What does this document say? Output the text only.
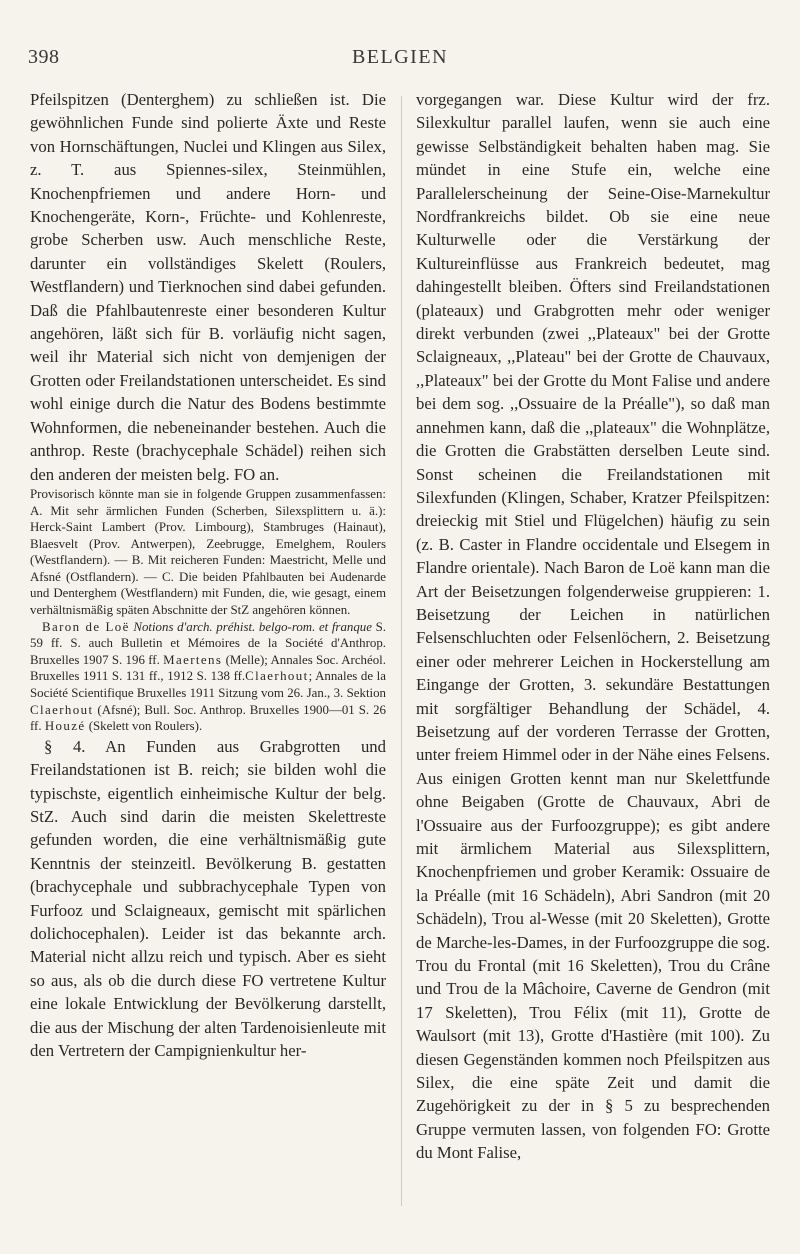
398	BELGIEN

Pfeilspitzen (Denterghem) zu schließen ist. Die gewöhnlichen Funde sind polierte Äxte und Reste von Hornschäftungen, Nuclei und Klingen aus Silex, z. T. aus Spiennes-silex, Steinmühlen, Knochenpfriemen und andere Horn- und Knochengeräte, Korn-, Früchte- und Kohlenreste, grobe Scherben usw. Auch menschliche Reste, darunter ein vollständiges Skelett (Roulers, Westflandern) und Tierknochen sind dabei gefunden. Daß die Pfahlbautenreste einer besonderen Kultur angehören, läßt sich für B. vorläufig nicht sagen, weil ihr Material sich nicht von demjenigen der Grotten oder Freilandstationen unterscheidet. Es sind wohl einige durch die Natur des Bodens bestimmte Wohnformen, die nebeneinander bestehen. Auch die anthrop. Reste (brachycephale Schädel) reihen sich den anderen der meisten belg. FO an.

Provisorisch könnte man sie in folgende Gruppen zusammenfassen: A. Mit sehr ärmlichen Funden (Scherben, Silexsplittern u. ä.): Herck-Saint Lambert (Prov. Limbourg), Stambruges (Hainaut), Blaesvelt (Prov. Antwerpen), Zeebrugge, Emelghem, Roulers (Westflandern). — B. Mit reicheren Funden: Maestricht, Melle und Afsné (Ostflandern). — C. Die beiden Pfahlbauten bei Audenarde und Denterghem (Westflandern) mit Funden, die, wie gesagt, einem verhältnismäßig späten Abschnitte der StZ angehören können.

Baron de Loë Notions d'arch. préhist. belgo-rom. et franque S. 59 ff. S. auch Bulletin et Mémoires de la Société d'Anthrop. Bruxelles 1907 S. 196 ff. Maertens (Melle); Annales Soc. Archéol. Bruxelles 1911 S. 131 ff., 1912 S. 138 ff.Claerhout; Annales de la Société Scientifique Bruxelles 1911 Sitzung vom 26. Jan., 3. Sektion Claerhout (Afsné); Bull. Soc. Anthrop. Bruxelles 1900—01 S. 26 ff. Houzé (Skelett von Roulers).

§ 4. An Funden aus Grabgrotten und Freilandstationen ist B. reich; sie bilden wohl die typischste, eigentlich einheimische Kultur der belg. StZ. Auch sind darin die meisten Skelettreste gefunden worden, die eine verhältnismäßig gute Kenntnis der steinzeitl. Bevölkerung B. gestatten (brachycephale und subbrachycephale Typen von Furfooz und Sclaigneaux, gemischt mit spärlichen dolichocephalen). Leider ist das bekannte arch. Material nicht allzu reich und typisch. Aber es sieht so aus, als ob die durch diese FO vertretene Kultur eine lokale Entwicklung der Bevölkerung darstellt, die aus der Mischung der alten Tardenoisienleute mit den Vertretern der Campignienkultur her-

vorgegangen war. Diese Kultur wird der frz. Silexkultur parallel laufen, wenn sie auch eine gewisse Selbständigkeit behalten haben mag. Sie mündet in eine Stufe ein, welche eine Parallelerscheinung der Seine-Oise-Marnekultur Nordfrankreichs bildet. Ob sie eine neue Kulturwelle oder die Verstärkung der Kultureinflüsse aus Frankreich bedeutet, mag dahingestellt bleiben. Öfters sind Freilandstationen (plateaux) und Grabgrotten mehr oder weniger direkt verbunden (zwei ,,Plateaux" bei der Grotte Sclaigneaux, ,,Plateau" bei der Grotte de Chauvaux, ,,Plateaux" bei der Grotte du Mont Falise und andere bei dem sog. ,,Ossuaire de la Préalle"), so daß man annehmen kann, daß die ,,plateaux" die Wohnplätze, die Grotten die Grabstätten derselben Leute sind. Sonst scheinen die Freilandstationen mit Silexfunden (Klingen, Schaber, Kratzer Pfeilspitzen: dreieckig mit Stiel und Flügelchen) häufig zu sein (z. B. Caster in Flandre occidentale und Elsegem in Flandre orientale). Nach Baron de Loë kann man die Art der Beisetzungen folgenderweise gruppieren: 1. Beisetzung der Leichen in natürlichen Felsenschluchten oder Felsenlöchern, 2. Beisetzung einer oder mehrerer Leichen in Hockerstellung am Eingange der Grotten, 3. sekundäre Bestattungen mit sorgfältiger Behandlung der Schädel, 4. Beisetzung auf der vorderen Terrasse der Grotten, unter freiem Himmel oder in der Nähe eines Felsens. Aus einigen Grotten kennt man nur Skelettfunde ohne Beigaben (Grotte de Chauvaux, Abri de l'Ossuaire aus der Furfoozgruppe); es gibt andere mit ärmlichem Material aus Silexsplittern, Knochenpfriemen und grober Keramik: Ossuaire de la Préalle (mit 16 Schädeln), Abri Sandron (mit 20 Schädeln), Trou al-Wesse (mit 20 Skeletten), Grotte de Marche-les-Dames, in der Furfoozgruppe die sog. Trou du Frontal (mit 16 Skeletten), Trou du Crâne und Trou de la Mâchoire, Caverne de Gendron (mit 17 Skeletten), Trou Félix (mit 11), Grotte de Waulsort (mit 13), Grotte d'Hastière (mit 100). Zu diesen Gegenständen kommen noch Pfeilspitzen aus Silex, die eine späte Zeit und damit die Zugehörigkeit zu der in § 5 zu besprechenden Gruppe vermuten lassen, von folgenden FO: Grotte du Mont Falise,
